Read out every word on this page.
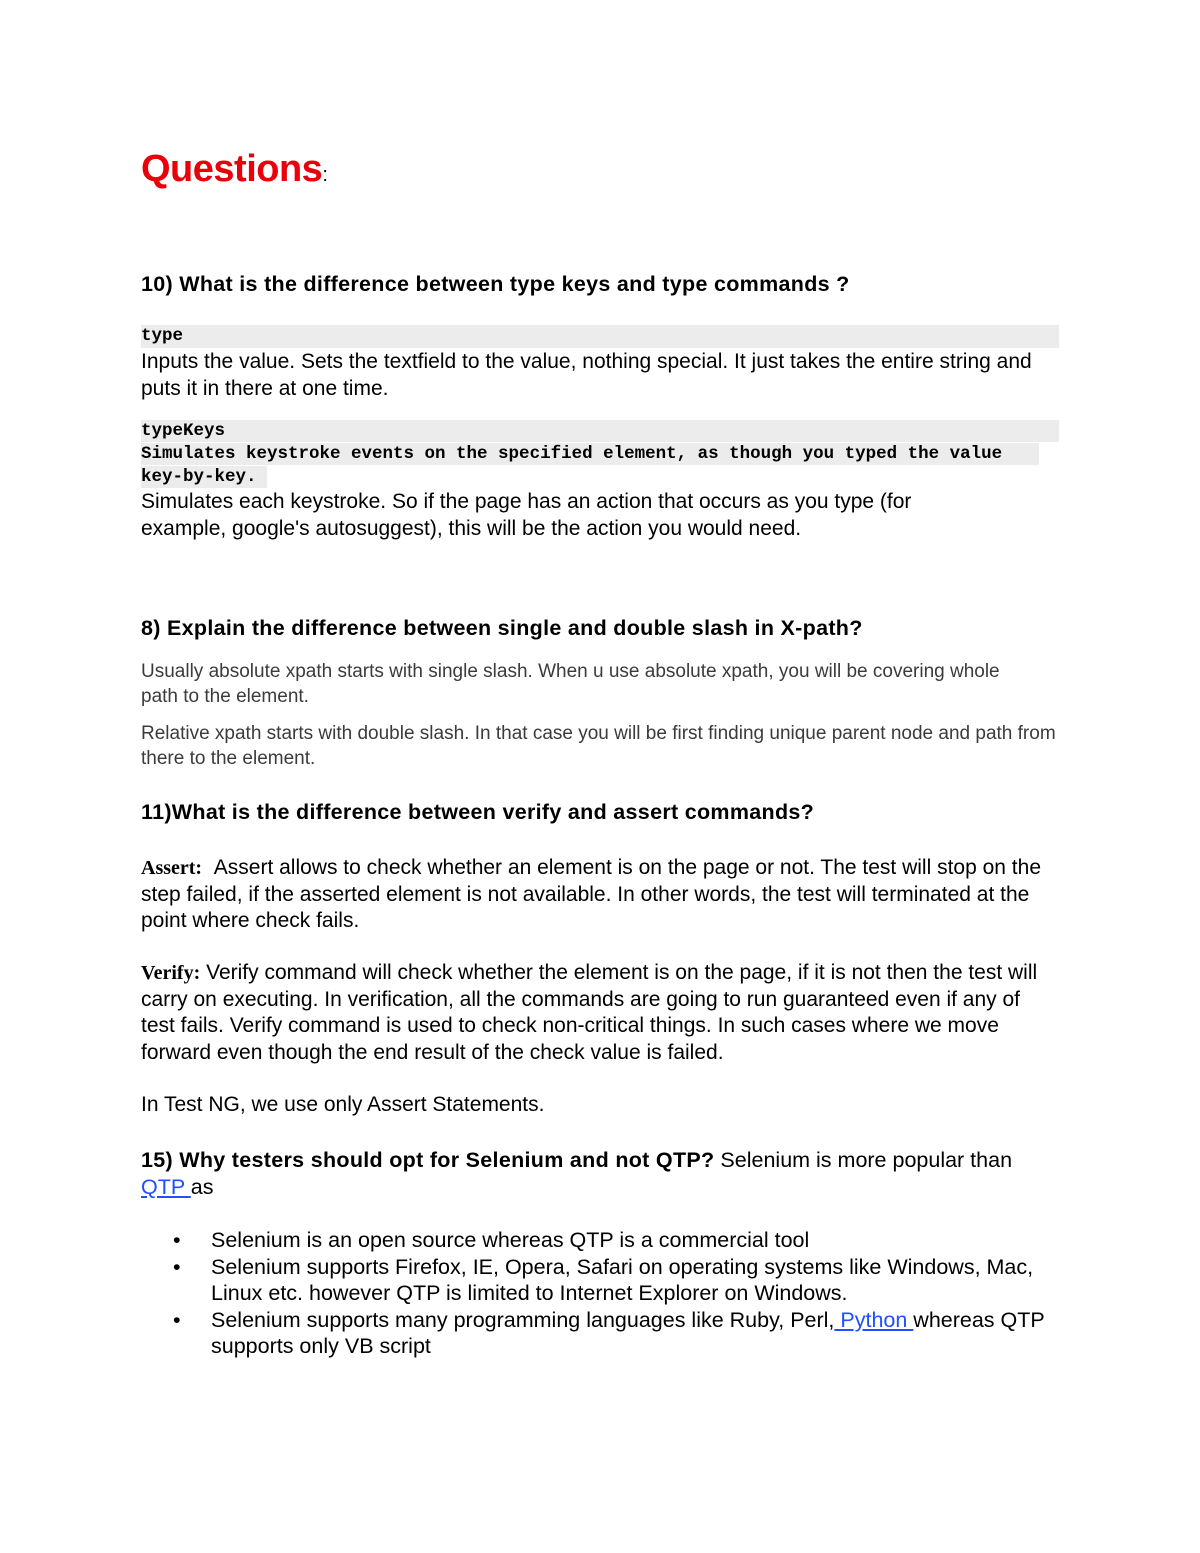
Questions:
10) What is the difference between type keys and type commands ?
type
Inputs the value. Sets the textfield to the value, nothing special. It just takes the entire string and puts it in there at one time.
typeKeys
Simulates keystroke events on the specified element, as though you typed the value
key-by-key.
Simulates each keystroke. So if the page has an action that occurs as you type (for example, google's autosuggest), this will be the action you would need.
8) Explain the difference between single and double slash in X-path?
Usually absolute xpath starts with single slash. When u use absolute xpath, you will be covering whole path to the element.
Relative xpath starts with double slash. In that case you will be first finding unique parent node and path from there to the element.
11)What is the difference between verify and assert commands?
Assert: Assert allows to check whether an element is on the page or not. The test will stop on the step failed, if the asserted element is not available. In other words, the test will terminated at the point where check fails.
Verify: Verify command will check whether the element is on the page, if it is not then the test will carry on executing. In verification, all the commands are going to run guaranteed even if any of test fails. Verify command is used to check non-critical things. In such cases where we move forward even though the end result of the check value is failed.
In Test NG, we use only Assert Statements.
15) Why testers should opt for Selenium and not QTP? Selenium is more popular than QTP as
• Selenium is an open source whereas QTP is a commercial tool
• Selenium supports Firefox, IE, Opera, Safari on operating systems like Windows, Mac, Linux etc. however QTP is limited to Internet Explorer on Windows.
• Selenium supports many programming languages like Ruby, Perl, Python whereas QTP supports only VB script
